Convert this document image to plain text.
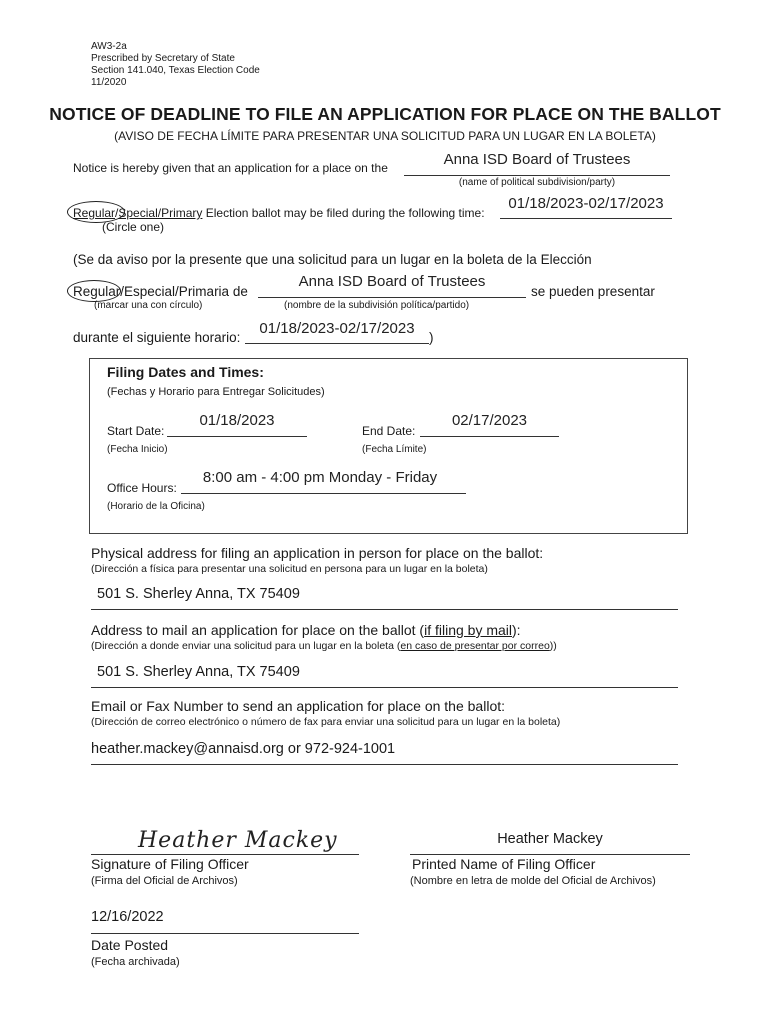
AW3-2a
Prescribed by Secretary of State
Section 141.040, Texas Election Code
11/2020
NOTICE OF DEADLINE TO FILE AN APPLICATION FOR PLACE ON THE BALLOT
(AVISO DE FECHA LÍMITE PARA PRESENTAR UNA SOLICITUD PARA UN LUGAR EN LA BOLETA)
Notice is hereby given that an application for a place on the	Anna ISD Board of Trustees
(name of political subdivision/party)
Regular/Special/Primary Election ballot may be filed during the following time:
01/18/2023-02/17/2023
(Circle one)
(Se da aviso por la presente que una solicitud para un lugar en la boleta de la Elección
Regular/Especial/Primaria de
Anna ISD Board of Trustees
se pueden presentar
(marcar una con círculo)	(nombre de la subdivisión política/partido)
durante el siguiente horario:
01/18/2023-02/17/2023
)
Filing Dates and Times:
(Fechas y Horario para Entregar Solicitudes)
Start Date:
01/18/2023
(Fecha Inicio)
End Date:
02/17/2023
(Fecha Límite)
Office Hours:
8:00 am - 4:00 pm Monday - Friday
(Horario de la Oficina)
Physical address for filing an application in person for place on the ballot:
(Dirección a física para presentar una solicitud en persona para un lugar en la boleta)
501 S. Sherley Anna, TX 75409
Address to mail an application for place on the ballot (if filing by mail):
(Dirección a donde enviar una solicitud para un lugar en la boleta (en caso de presentar por correo))
501 S. Sherley Anna, TX 75409
Email or Fax Number to send an application for place on the ballot:
(Dirección de correo electrónico o número de fax para enviar una solicitud para un lugar en la boleta)
heather.mackey@annaisd.org or 972-924-1001
Heather Mackey
Signature of Filing Officer
(Firma del Oficial de Archivos)
Heather Mackey
Printed Name of Filing Officer
(Nombre en letra de molde del Oficial de Archivos)
12/16/2022
Date Posted
(Fecha archivada)
